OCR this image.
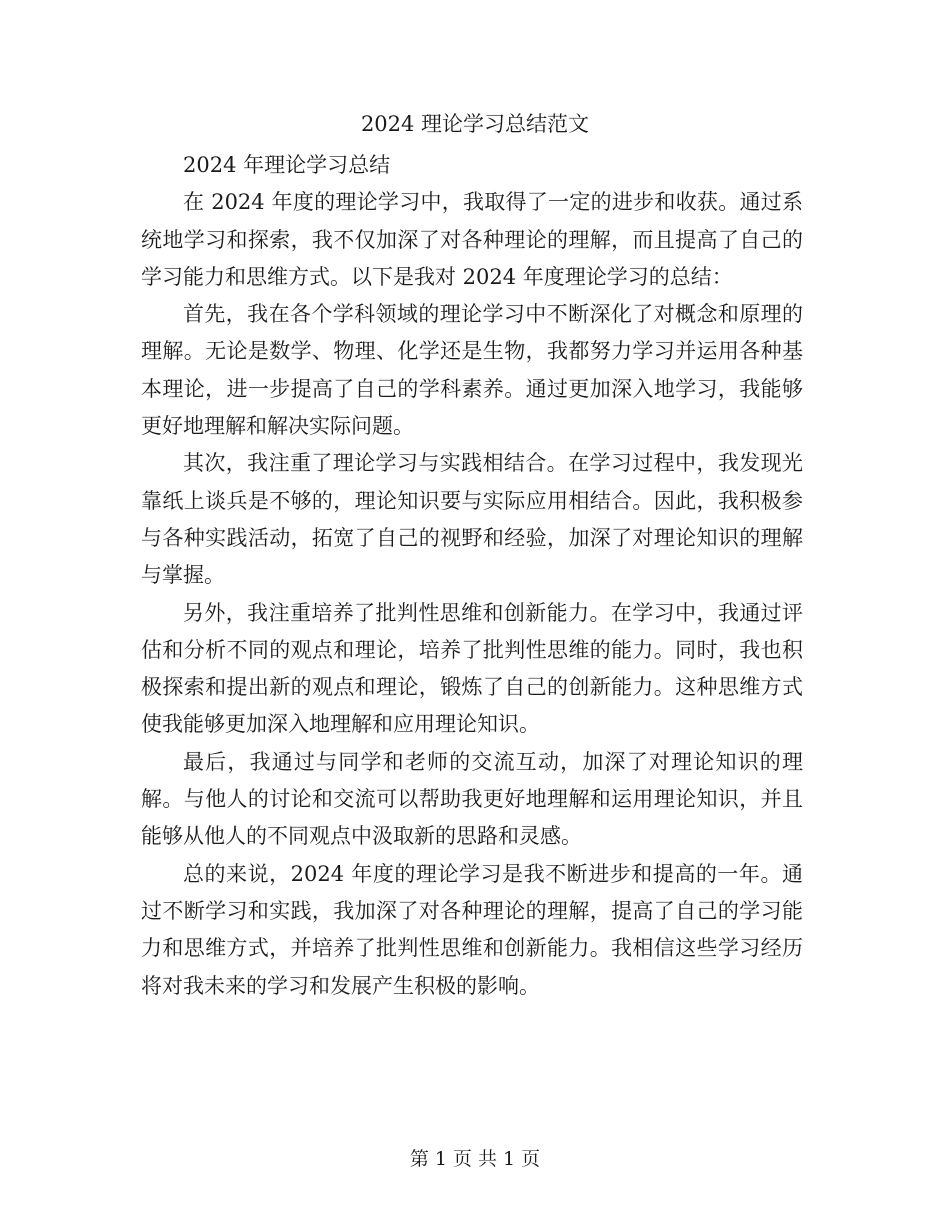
2024 理论学习总结范文

2024 年理论学习总结

在 2024 年度的理论学习中，我取得了一定的进步和收获。通过系统地学习和探索，我不仅加深了对各种理论的理解，而且提高了自己的学习能力和思维方式。以下是我对 2024 年度理论学习的总结：

首先，我在各个学科领域的理论学习中不断深化了对概念和原理的理解。无论是数学、物理、化学还是生物，我都努力学习并运用各种基本理论，进一步提高了自己的学科素养。通过更加深入地学习，我能够更好地理解和解决实际问题。

其次，我注重了理论学习与实践相结合。在学习过程中，我发现光靠纸上谈兵是不够的，理论知识要与实际应用相结合。因此，我积极参与各种实践活动，拓宽了自己的视野和经验，加深了对理论知识的理解与掌握。

另外，我注重培养了批判性思维和创新能力。在学习中，我通过评估和分析不同的观点和理论，培养了批判性思维的能力。同时，我也积极探索和提出新的观点和理论，锻炼了自己的创新能力。这种思维方式使我能够更加深入地理解和应用理论知识。

最后，我通过与同学和老师的交流互动，加深了对理论知识的理解。与他人的讨论和交流可以帮助我更好地理解和运用理论知识，并且能够从他人的不同观点中汲取新的思路和灵感。

总的来说，2024 年度的理论学习是我不断进步和提高的一年。通过不断学习和实践，我加深了对各种理论的理解，提高了自己的学习能力和思维方式，并培养了批判性思维和创新能力。我相信这些学习经历将对我未来的学习和发展产生积极的影响。

第 1 页 共 1 页
